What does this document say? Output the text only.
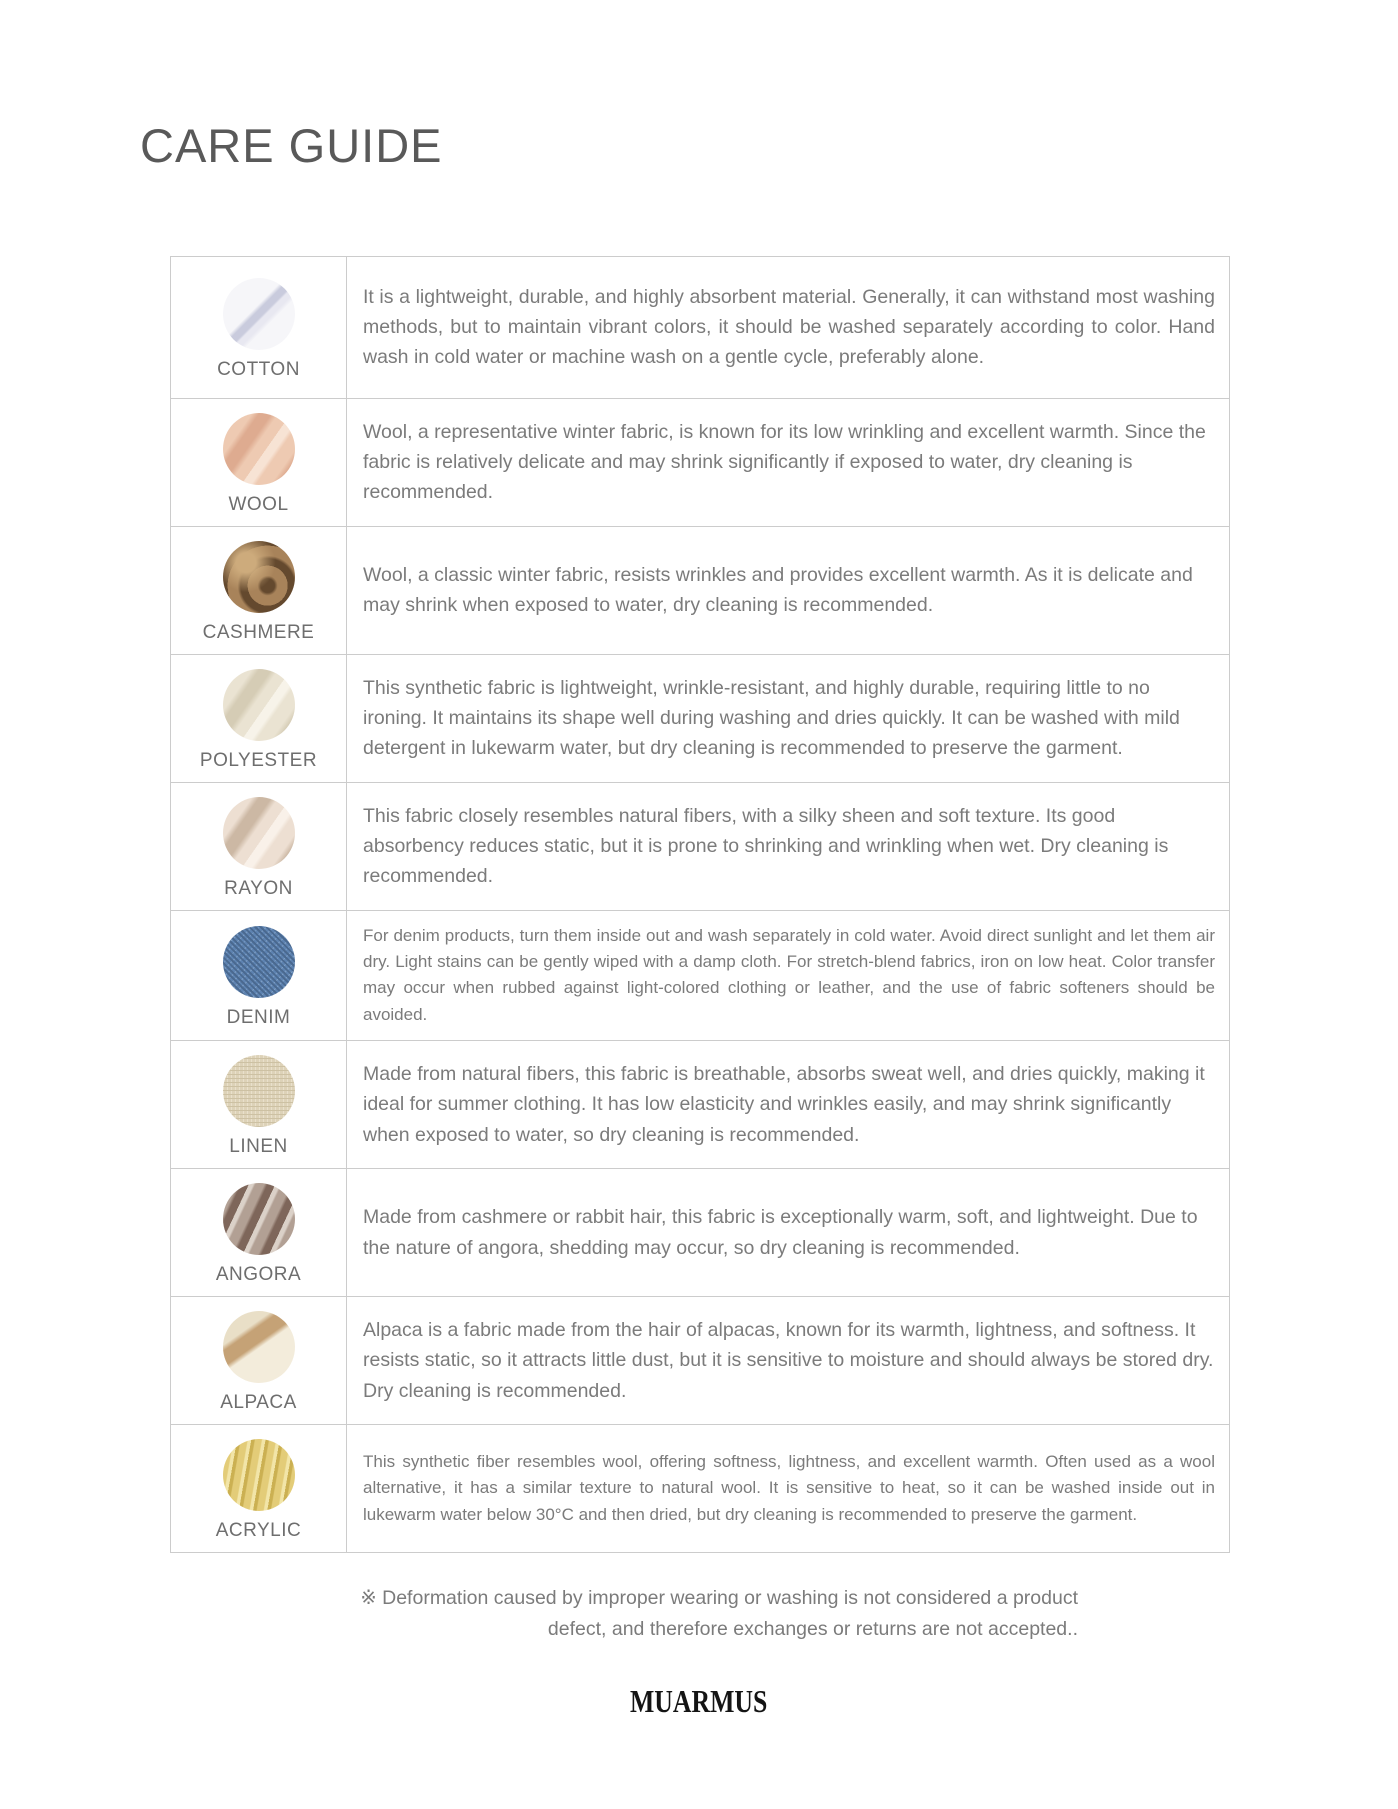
CARE GUIDE
COTTON	It is a lightweight, durable, and highly absorbent material. Generally, it can withstand most washing methods, but to maintain vibrant colors, it should be washed separately according to color. Hand wash in cold water or machine wash on a gentle cycle, preferably alone.

WOOL	Wool, a representative winter fabric, is known for its low wrinkling and excellent warmth. Since the fabric is relatively delicate and may shrink significantly if exposed to water, dry cleaning is recommended.

CASHMERE	Wool, a classic winter fabric, resists wrinkles and provides excellent warmth. As it is delicate and may shrink when exposed to water, dry cleaning is recommended.

POLYESTER	This synthetic fabric is lightweight, wrinkle-resistant, and highly durable, requiring little to no ironing. It maintains its shape well during washing and dries quickly. It can be washed with mild detergent in lukewarm water, but dry cleaning is recommended to preserve the garment.

RAYON	This fabric closely resembles natural fibers, with a silky sheen and soft texture. Its good absorbency reduces static, but it is prone to shrinking and wrinkling when wet. Dry cleaning is recommended.

DENIM	For denim products, turn them inside out and wash separately in cold water. Avoid direct sunlight and let them air dry. Light stains can be gently wiped with a damp cloth. For stretch-blend fabrics, iron on low heat. Color transfer may occur when rubbed against light-colored clothing or leather, and the use of fabric softeners should be avoided.

LINEN	Made from natural fibers, this fabric is breathable, absorbs sweat well, and dries quickly, making it ideal for summer clothing. It has low elasticity and wrinkles easily, and may shrink significantly when exposed to water, so dry cleaning is recommended.

ANGORA	Made from cashmere or rabbit hair, this fabric is exceptionally warm, soft, and lightweight. Due to the nature of angora, shedding may occur, so dry cleaning is recommended.

ALPACA	Alpaca is a fabric made from the hair of alpacas, known for its warmth, lightness, and softness. It resists static, so it attracts little dust, but it is sensitive to moisture and should always be stored dry. Dry cleaning is recommended.

ACRYLIC	This synthetic fiber resembles wool, offering softness, lightness, and excellent warmth. Often used as a wool alternative, it has a similar texture to natural wool. It is sensitive to heat, so it can be washed inside out in lukewarm water below 30°C and then dried, but dry cleaning is recommended to preserve the garment.
※ Deformation caused by improper wearing or washing is not considered a product
defect, and therefore exchanges or returns are not accepted..
MUARMUS
